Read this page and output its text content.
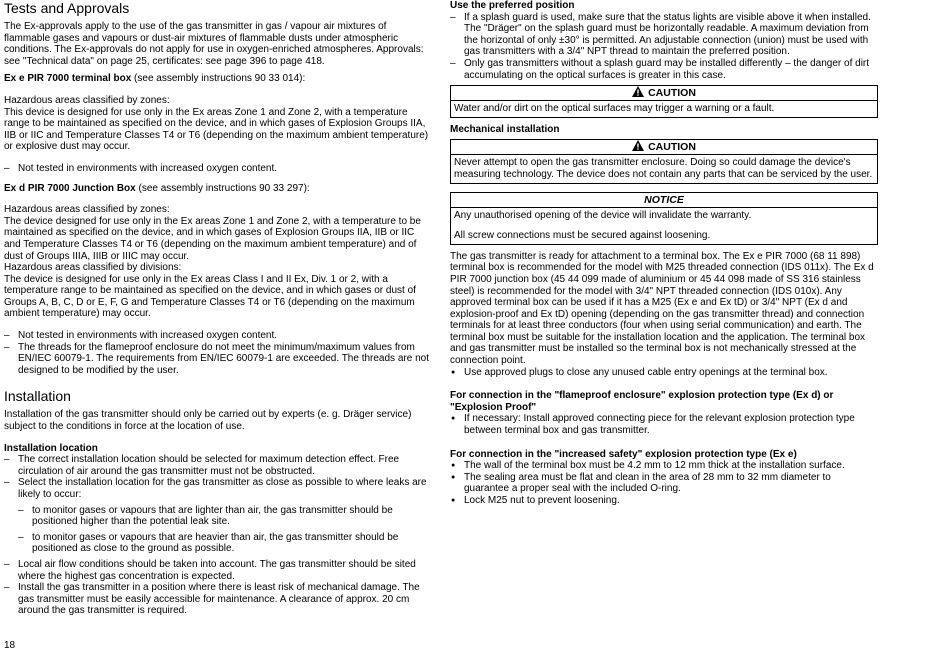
Tests and Approvals

The Ex-approvals apply to the use of the gas transmitter in gas / vapour air mixtures of flammable gases and vapours or dust-air mixtures of flammable dusts under atmospheric conditions. The Ex-approvals do not apply for use in oxygen-enriched atmospheres. Approvals: see "Technical data" on page 25, certificates: see page 396 to page 418.

Ex e PIR 7000 terminal box (see assembly instructions 90 33 014):

Hazardous areas classified by zones:

This device is designed for use only in the Ex areas Zone 1 and Zone 2, with a temperature range to be maintained as specified on the device, and in which gases of Explosion Groups IIA, IIB or IIC and Temperature Classes T4 or T6 (depending on the maximum ambient temperature) or explosive dust may occur.

– Not tested in environments with increased oxygen content.

Ex d PIR 7000 Junction Box (see assembly instructions 90 33 297):

Hazardous areas classified by zones:

The device designed for use only in the Ex areas Zone 1 and Zone 2, with a temperature to be maintained as specified on the device, and in which gases of Explosion Groups IIA, IIB or IIC and Temperature Classes T4 or T6 (depending on the maximum ambient temperature) and of dust of Groups IIIA, IIIB or IIIC may occur.

Hazardous areas classified by divisions:

The device is designed for use only in the Ex areas Class I and II Ex, Div. 1 or 2, with a temperature range to be maintained as specified on the device, and in which gases or dust of Groups A, B, C, D or E, F, G and Temperature Classes T4 or T6 (depending on the maximum ambient temperature) may occur.

– Not tested in environments with increased oxygen content.
– The threads for the flameproof enclosure do not meet the minimum/maximum values from EN/IEC 60079-1. The requirements from EN/IEC 60079-1 are exceeded. The threads are not designed to be modified by the user.
Installation

Installation of the gas transmitter should only be carried out by experts (e. g. Dräger service) subject to the conditions in force at the location of use.

Installation location

– The correct installation location should be selected for maximum detection effect. Free circulation of air around the gas transmitter must not be obstructed.
– Select the installation location for the gas transmitter as close as possible to where leaks are likely to occur:
– to monitor gases or vapours that are lighter than air, the gas transmitter should be positioned higher than the potential leak site.
– to monitor gases or vapours that are heavier than air, the gas transmitter should be positioned as close to the ground as possible.
– Local air flow conditions should be taken into account. The gas transmitter should be sited where the highest gas concentration is expected.
– Install the gas transmitter in a position where there is least risk of mechanical damage. The gas transmitter must be easily accessible for maintenance. A clearance of approx. 20 cm around the gas transmitter is required.
18

Use the preferred position

– If a splash guard is used, make sure that the status lights are visible above it when installed. The "Dräger" on the splash guard must be horizontally readable. A maximum deviation from the horizontal of only ±30° is permitted. An adjustable connection (union) must be used with gas transmitters with a 3/4" NPT thread to maintain the preferred position.
– Only gas transmitters without a splash guard may be installed differently – the danger of dirt accumulating on the optical surfaces is greater in this case.
CAUTION
Water and/or dirt on the optical surfaces may trigger a warning or a fault.

Mechanical installation

CAUTION
Never attempt to open the gas transmitter enclosure. Doing so could damage the device's measuring technology. The device does not contain any parts that can be serviced by the user.
NOTICE

Any unauthorised opening of the device will invalidate the warranty.

All screw connections must be secured against loosening.

The gas transmitter is ready for attachment to a terminal box. The Ex e PIR 7000 (68 11 898) terminal box is recommended for the model with M25 threaded connection (IDS 011x). The Ex d PIR 7000 junction box (45 44 099 made of aluminium or 45 44 098 made of SS 316 stainless steel) is recommended for the model with 3/4" NPT threaded connection (IDS 010x). Any approved terminal box can be used if it has a M25 (Ex e and Ex tD) or 3/4" NPT (Ex d and explosion-proof and Ex tD) opening (depending on the gas transmitter thread) and connection terminals for at least three conductors (four when using serial communication) and earth. The terminal box must be suitable for the installation location and the application. The terminal box and gas transmitter must be installed so the terminal box is not mechanically stressed at the connection point.

● Use approved plugs to close any unused cable entry openings at the terminal box.

For connection in the "flameproof enclosure" explosion protection type (Ex d) or "Explosion Proof"

● If necessary: Install approved connecting piece for the relevant explosion protection type between terminal box and gas transmitter.

For connection in the "increased safety" explosion protection type (Ex e)

● The wall of the terminal box must be 4.2 mm to 12 mm thick at the installation surface.
● The sealing area must be flat and clean in the area of 28 mm to 32 mm diameter to guarantee a proper seal with the included O-ring.
● Lock M25 nut to prevent loosening.
